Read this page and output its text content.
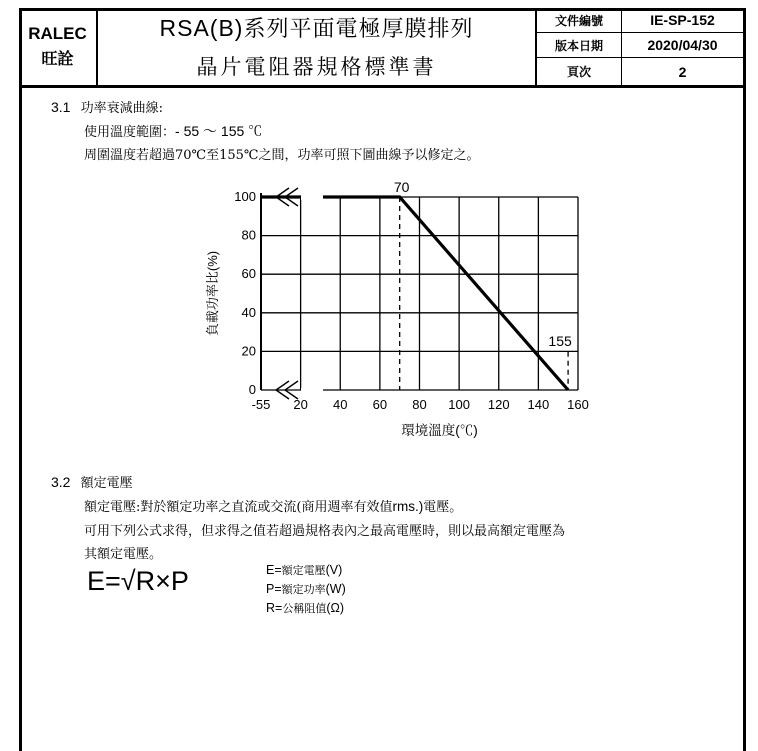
RALEC
旺詮
RSA(B)系列平面電極厚膜排列
晶片電阻器規格標準書
文件編號	IE-SP-152
版本日期	2020/04/30
頁次	2
3.1 功率衰減曲線:
使用溫度範圍：- 55 ～ 155 ℃
周圍溫度若超過70℃至155℃之間，功率可照下圖曲線予以修定之。
0
20
40
60
80
100
-55 20 40 60 80 100 120 140 160
環境溫度(℃)
負載功率比(%)
70
155
3.2 額定電壓
額定電壓:對於額定功率之直流或交流(商用週率有效值rms.)電壓。
可用下列公式求得，但求得之值若超過規格表內之最高電壓時，則以最高額定電壓為
其額定電壓。
E=√R×P	E=額定電壓(V)
P=額定功率(W)
R=公稱阻值(Ω)
